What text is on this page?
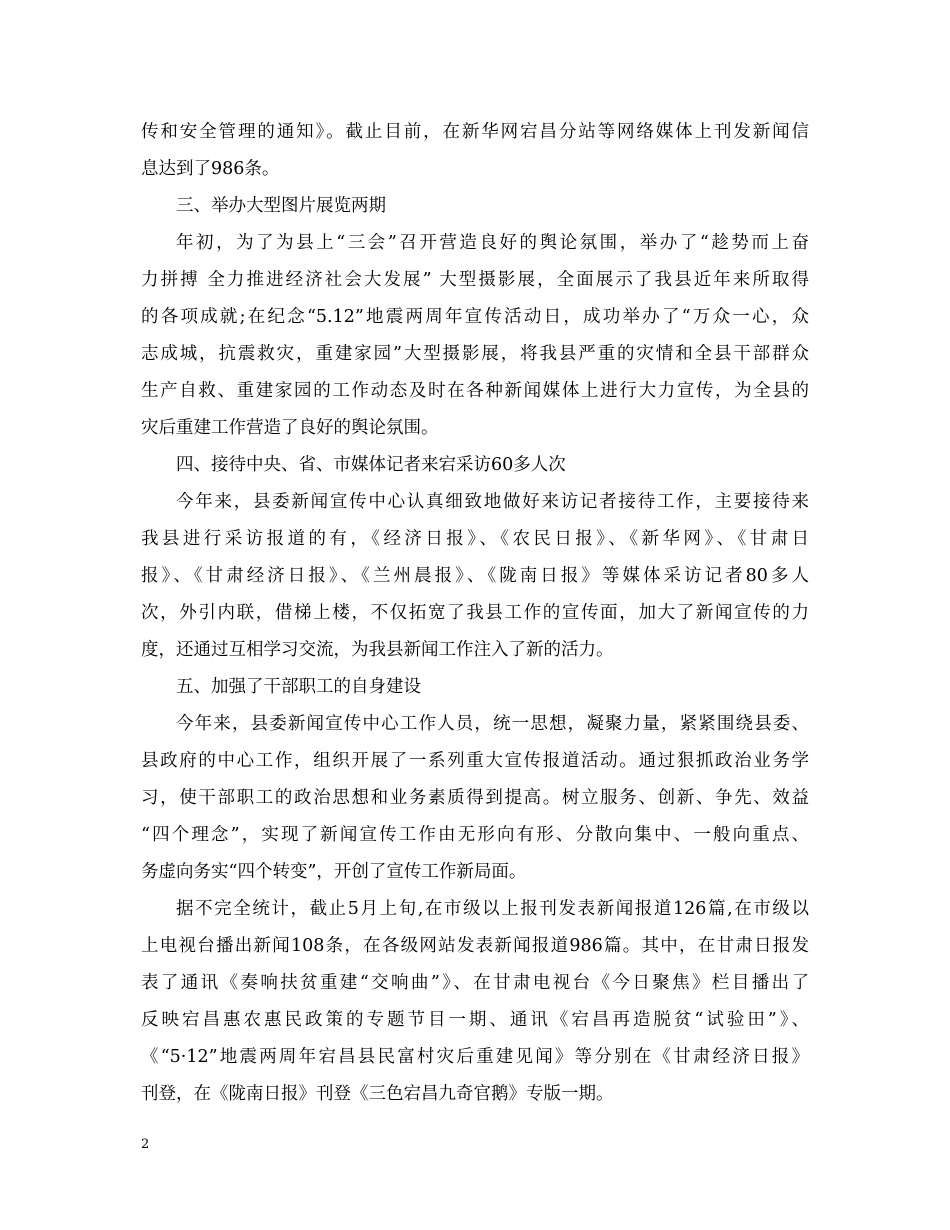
传和安全管理的通知》。截止目前，在新华网宕昌分站等网络媒体上刊发新闻信
息达到了986条。
三、举办大型图片展览两期
年初，为了为县上“三会”召开营造良好的舆论氛围，举办了“趁势而上奋
力拼搏 全力推进经济社会大发展” 大型摄影展，全面展示了我县近年来所取得
的各项成就;在纪念“5.12”地震两周年宣传活动日，成功举办了“万众一心，众
志成城，抗震救灾，重建家园”大型摄影展，将我县严重的灾情和全县干部群众
生产自救、重建家园的工作动态及时在各种新闻媒体上进行大力宣传，为全县的
灾后重建工作营造了良好的舆论氛围。
四、接待中央、省、市媒体记者来宕采访60多人次
今年来，县委新闻宣传中心认真细致地做好来访记者接待工作，主要接待来
我县进行采访报道的有，《经济日报》、《农民日报》、《新华网》、《甘肃日
报》、《甘肃经济日报》、《兰州晨报》、《陇南日报》等媒体采访记者80多人
次，外引内联，借梯上楼，不仅拓宽了我县工作的宣传面，加大了新闻宣传的力
度，还通过互相学习交流，为我县新闻工作注入了新的活力。
五、加强了干部职工的自身建设
今年来，县委新闻宣传中心工作人员，统一思想，凝聚力量，紧紧围绕县委、
县政府的中心工作，组织开展了一系列重大宣传报道活动。通过狠抓政治业务学
习，使干部职工的政治思想和业务素质得到提高。树立服务、创新、争先、效益
“四个理念”，实现了新闻宣传工作由无形向有形、分散向集中、一般向重点、
务虚向务实“四个转变”，开创了宣传工作新局面。
据不完全统计，截止5月上旬,在市级以上报刊发表新闻报道126篇,在市级以
上电视台播出新闻108条，在各级网站发表新闻报道986篇。其中，在甘肃日报发
表了通讯《奏响扶贫重建“交响曲”》、在甘肃电视台《今日聚焦》栏目播出了
反映宕昌惠农惠民政策的专题节目一期、通讯《宕昌再造脱贫“试验田”》、
《“5·12”地震两周年宕昌县民富村灾后重建见闻》等分别在《甘肃经济日报》
刊登，在《陇南日报》刊登《三色宕昌九奇官鹅》专版一期。
2
